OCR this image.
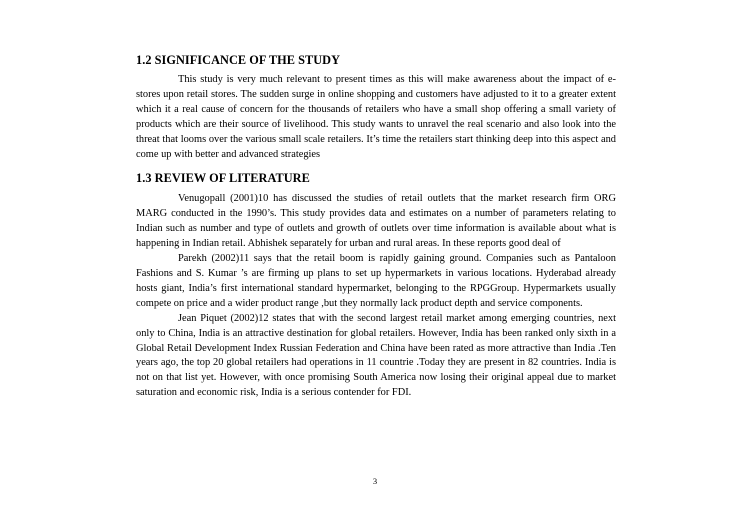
1.2 SIGNIFICANCE OF THE STUDY

This study is very much relevant to present times as this will make awareness about the impact of e-stores upon retail stores. The sudden surge in online shopping and customers have adjusted to it to a greater extent which it a real cause of concern for the thousands of retailers who have a small shop offering a small variety of products which are their source of livelihood. This study wants to unravel the real scenario and also look into the threat that looms over the various small scale retailers. It’s time the retailers start thinking deep into this aspect and come up with better and advanced strategies

1.3 REVIEW OF LITERATURE

Venugopall (2001)10 has discussed the studies of retail outlets that the market research firm ORG MARG conducted in the 1990’s. This study provides data and estimates on a number of parameters relating to Indian such as number and type of outlets and growth of outlets over time information is available about what is happening in Indian retail. Abhishek separately for urban and rural areas. In these reports good deal of

Parekh (2002)11 says that the retail boom is rapidly gaining ground. Companies such as Pantaloon Fashions and S. Kumar ’s are firming up plans to set up hypermarkets in various locations. Hyderabad already hosts giant, India’s first international standard hypermarket, belonging to the RPGGroup. Hypermarkets usually compete on price and a wider product range ,but they normally lack product depth and service components.

Jean Piquet (2002)12 states that with the second largest retail market among emerging countries, next only to China, India is an attractive destination for global retailers. However, India has been ranked only sixth in a Global Retail Development Index Russian Federation and China have been rated as more attractive than India .Ten years ago, the top 20 global retailers had operations in 11 countrie .Today they are present in 82 countries. India is not on that list yet. However, with once promising South America now losing their original appeal due to market saturation and economic risk, India is a serious contender for FDI.

3
